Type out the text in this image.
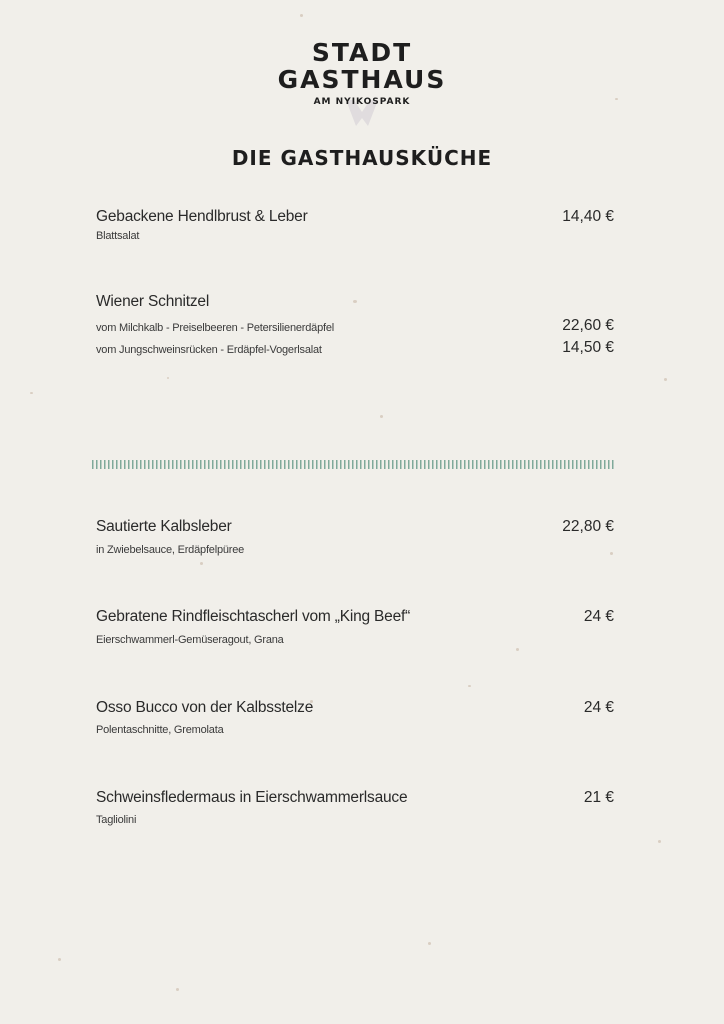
STADT
GASTHAUS
AM NYIKOSPARK
DIE GASTHAUSKÜCHE
Gebackene Hendlbrust & Leber	14,40 €
Blattsalat
Wiener Schnitzel
vom Milchkalb - Preiselbeeren - Petersilienerdäpfel	22,60 €
vom Jungschweinsrücken - Erdäpfel-Vogerlsalat	14,50 €
Sautierte Kalbsleber	22,80 €
in Zwiebelsauce, Erdäpfelpüree
Gebratene Rindfleischtascherl vom „King Beef“	24 €
Eierschwammerl-Gemüseragout, Grana
Osso Bucco von der Kalbsstelze	24 €
Polentaschnitte, Gremolata
Schweinsfledermaus in Eierschwammerlsauce	21 €
Tagliolini
